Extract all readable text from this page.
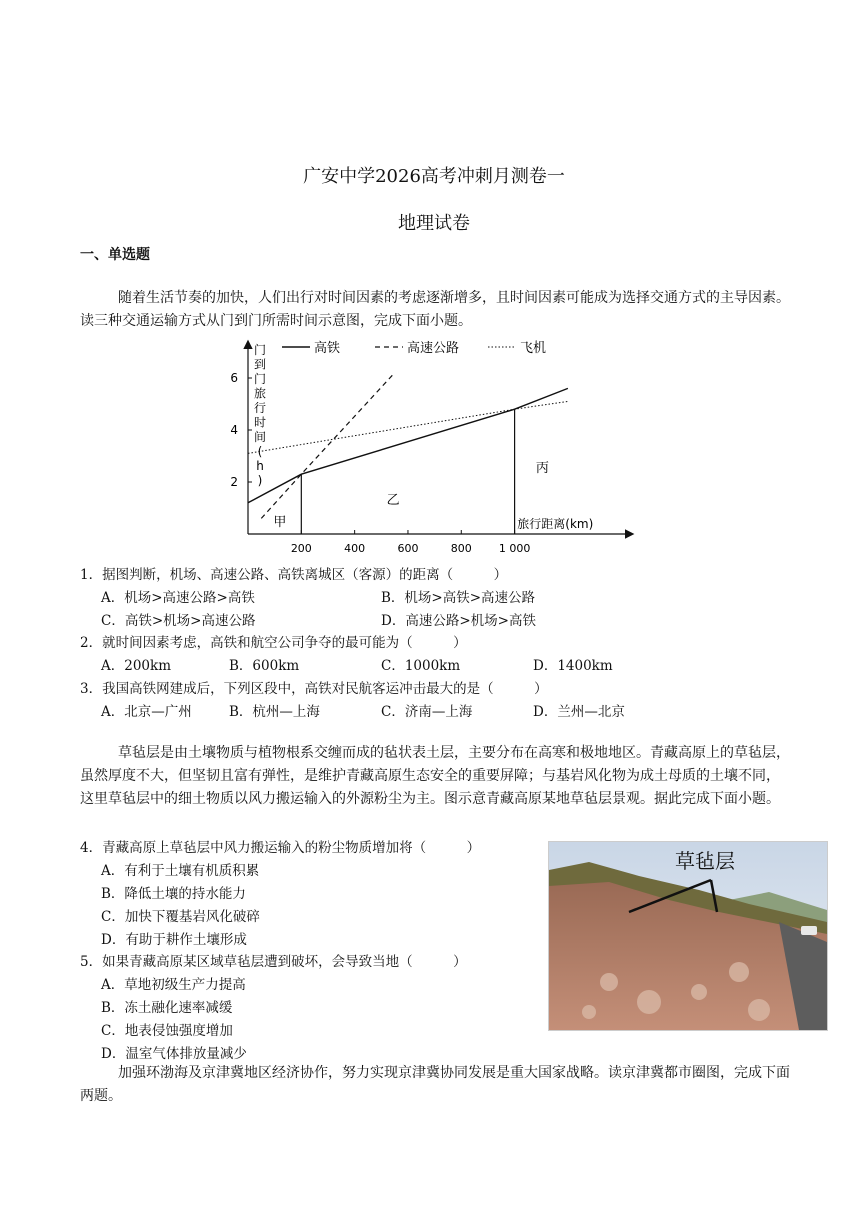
广安中学2026高考冲刺月测卷一
地理试卷
一、单选题
随着生活节奏的加快，人们出行对时间因素的考虑逐渐增多，且时间因素可能成为选择交通方式的主导因素。读三种交通运输方式从门到门所需时间示意图，完成下面小题。
高铁	高速公路	飞机
200	400	600	800 1 000
2
4
6
甲
乙
丙
旅行距离(km)
门到门旅行时间( h )
1．据图判断，机场、高速公路、高铁离城区（客源）的距离（　　　）
A．机场>高速公路>高铁	B．机场>高铁>高速公路
C．高铁>机场>高速公路	D．高速公路>机场>高铁
2．就时间因素考虑，高铁和航空公司争夺的最可能为（　　　）
A．200km	B．600km	C．1000km	D．1400km
3．我国高铁网建成后，下列区段中，高铁对民航客运冲击最大的是（　　　）
A．北京—广州	B．杭州—上海	C．济南—上海	D．兰州—北京
草毡层是由土壤物质与植物根系交缠而成的毡状表土层，主要分布在高寒和极地地区。青藏高原上的草毡层，虽然厚度不大，但坚韧且富有弹性，是维护青藏高原生态安全的重要屏障；与基岩风化物为成土母质的土壤不同，这里草毡层中的细土物质以风力搬运输入的外源粉尘为主。图示意青藏高原某地草毡层景观。据此完成下面小题。
4．青藏高原上草毡层中风力搬运输入的粉尘物质增加将（　　　）
A．有利于土壤有机质积累
B．降低土壤的持水能力
C．加快下覆基岩风化破碎
D．有助于耕作土壤形成
5．如果青藏高原某区域草毡层遭到破坏，会导致当地（　　　）
A．草地初级生产力提高
B．冻土融化速率减缓
C．地表侵蚀强度增加
D．温室气体排放量减少
草毡层
加强环渤海及京津冀地区经济协作，努力实现京津冀协同发展是重大国家战略。读京津冀都市圈图，完成下面两题。
